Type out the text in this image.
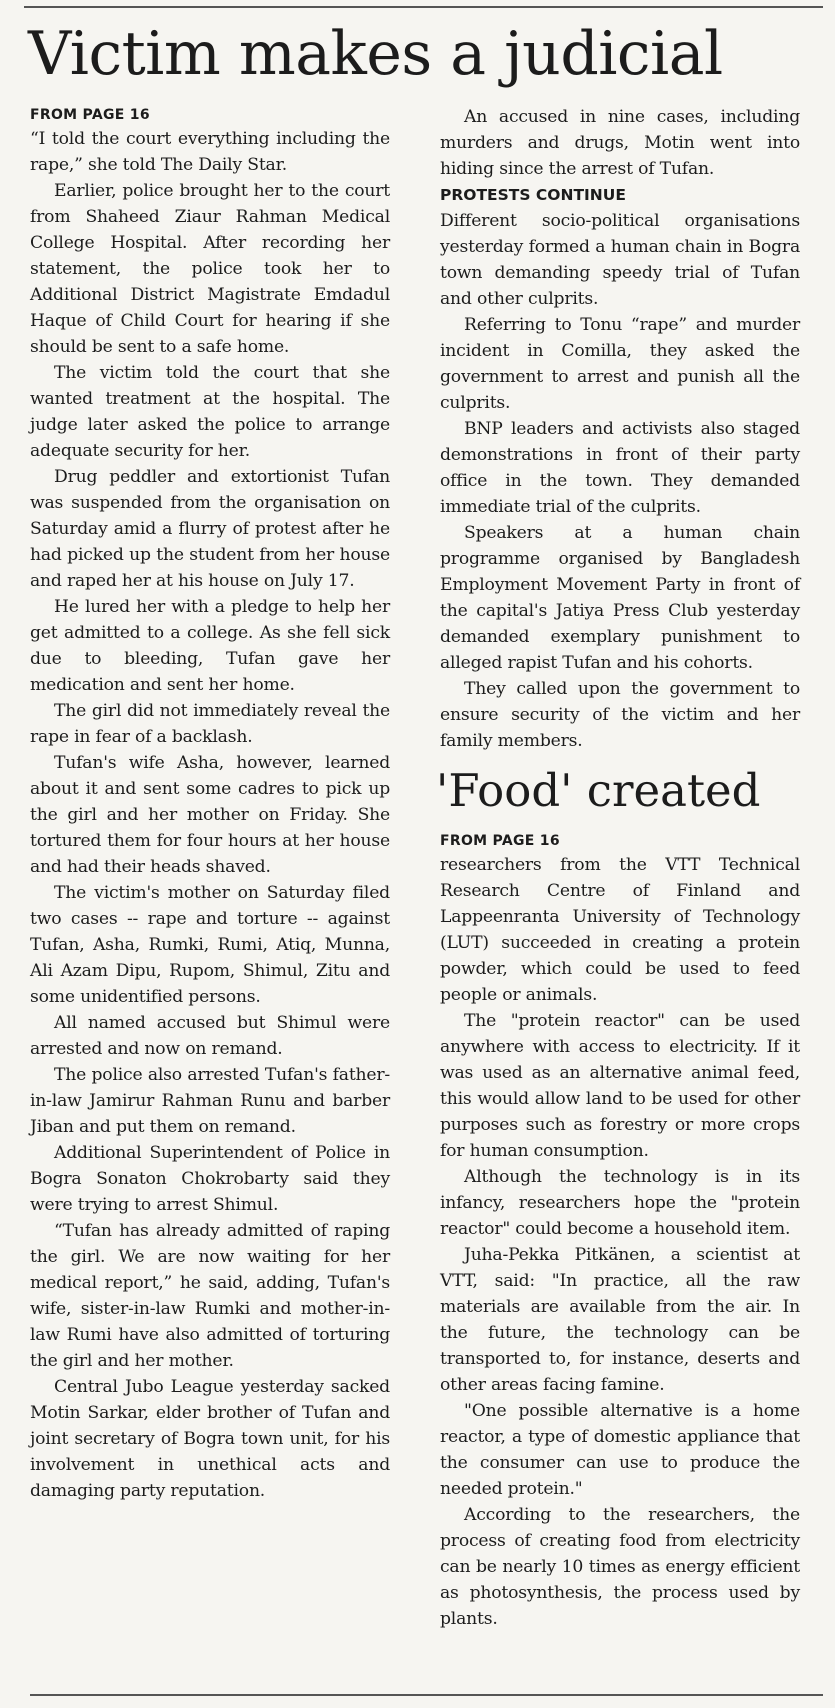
Victim makes a judicial
FROM PAGE 16

“I told the court everything including the rape,” she told The Daily Star.

Earlier, police brought her to the court from Shaheed Ziaur Rahman Medical College Hospital. After recording her statement, the police took her to Additional District Magistrate Emdadul Haque of Child Court for hearing if she should be sent to a safe home.

The victim told the court that she wanted treatment at the hospital. The judge later asked the police to arrange adequate security for her.

Drug peddler and extortionist Tufan was suspended from the organisation on Saturday amid a flurry of protest after he had picked up the student from her house and raped her at his house on July 17.

He lured her with a pledge to help her get admitted to a college. As she fell sick due to bleeding, Tufan gave her medication and sent her home.

The girl did not immediately reveal the rape in fear of a backlash.

Tufan's wife Asha, however, learned about it and sent some cadres to pick up the girl and her mother on Friday. She tortured them for four hours at her house and had their heads shaved.

The victim's mother on Saturday filed two cases -- rape and torture -- against Tufan, Asha, Rumki, Rumi, Atiq, Munna, Ali Azam Dipu, Rupom, Shimul, Zitu and some unidentified persons.

All named accused but Shimul were arrested and now on remand.

The police also arrested Tufan's father-in-law Jamirur Rahman Runu and barber Jiban and put them on remand.

Additional Superintendent of Police in Bogra Sonaton Chokrobarty said they were trying to arrest Shimul.

“Tufan has already admitted of raping the girl. We are now waiting for her medical report,” he said, adding, Tufan's wife, sister-in-law Rumki and mother-in-law Rumi have also admitted of torturing the girl and her mother.

Central Jubo League yesterday sacked Motin Sarkar, elder brother of Tufan and joint secretary of Bogra town unit, for his involvement in unethical acts and damaging party reputation.

An accused in nine cases, including murders and drugs, Motin went into hiding since the arrest of Tufan.

PROTESTS CONTINUE

Different socio-political organisations yesterday formed a human chain in Bogra town demanding speedy trial of Tufan and other culprits.

Referring to Tonu “rape” and murder incident in Comilla, they asked the government to arrest and punish all the culprits.

BNP leaders and activists also staged demonstrations in front of their party office in the town. They demanded immediate trial of the culprits.

Speakers at a human chain programme organised by Bangladesh Employment Movement Party in front of the capital's Jatiya Press Club yesterday demanded exemplary punishment to alleged rapist Tufan and his cohorts.

They called upon the government to ensure security of the victim and her family members.

'Food' created
FROM PAGE 16

researchers from the VTT Technical Research Centre of Finland and Lappeenranta University of Technology (LUT) succeeded in creating a protein powder, which could be used to feed people or animals.

The "protein reactor" can be used anywhere with access to electricity. If it was used as an alternative animal feed, this would allow land to be used for other purposes such as forestry or more crops for human consumption.

Although the technology is in its infancy, researchers hope the "protein reactor" could become a household item.

Juha-Pekka Pitkänen, a scientist at VTT, said: "In practice, all the raw materials are available from the air. In the future, the technology can be transported to, for instance, deserts and other areas facing famine.

"One possible alternative is a home reactor, a type of domestic appliance that the consumer can use to produce the needed protein."

According to the researchers, the process of creating food from electricity can be nearly 10 times as energy efficient as photosynthesis, the process used by plants.
